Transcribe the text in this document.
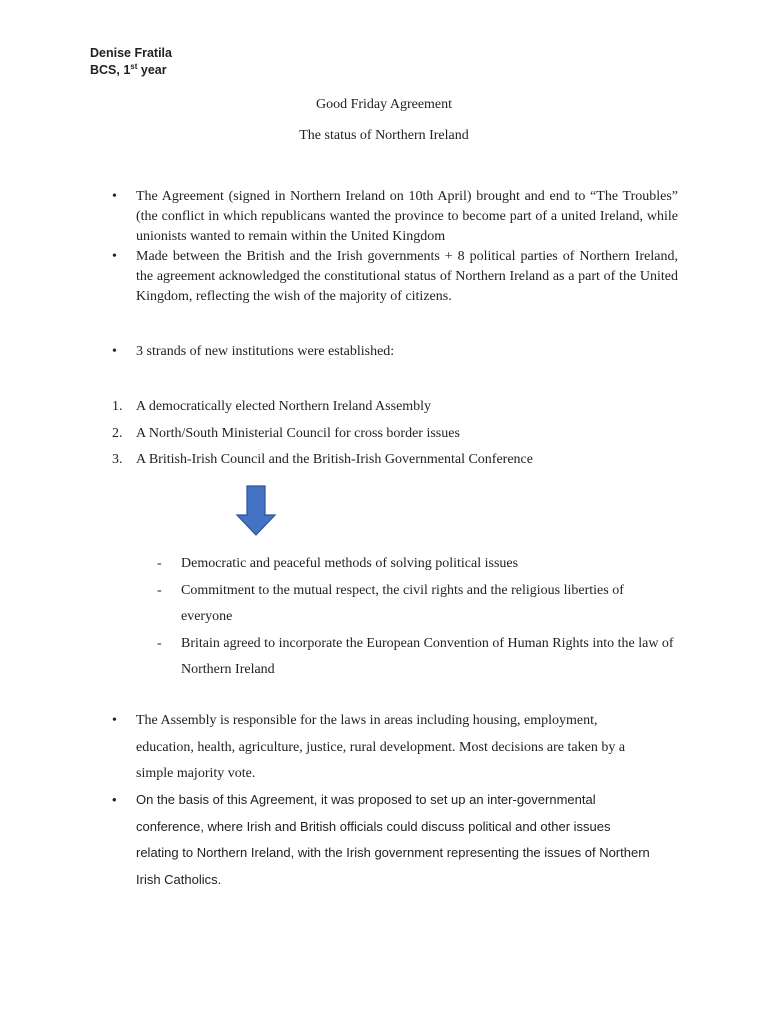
Denise Fratila
BCS, 1st year
Good Friday Agreement
The status of Northern Ireland
•	The Agreement (signed in Northern Ireland on 10th April) brought and end to “The Troubles” (the conflict in which republicans wanted the province to become part of a united Ireland, while unionists wanted to remain within the United Kingdom
•	Made between the British and the Irish governments + 8 political parties of Northern Ireland, the agreement acknowledged the constitutional status of Northern Ireland as a part of the United Kingdom, reflecting the wish of the majority of citizens.
•	3 strands of new institutions were established:
1. A democratically elected Northern Ireland Assembly
2. A North/South Ministerial Council for cross border issues
3. A British-Irish Council and the British-Irish Governmental Conference
- Democratic and peaceful methods of solving political issues
- Commitment to the mutual respect, the civil rights and the religious liberties of everyone
- Britain agreed to incorporate the European Convention of Human Rights into the law of Northern Ireland
•	The Assembly is responsible for the laws in areas including housing, employment, education, health, agriculture, justice, rural development. Most decisions are taken by a simple majority vote.
•	On the basis of this Agreement, it was proposed to set up an inter-governmental conference, where Irish and British officials could discuss political and other issues relating to Northern Ireland, with the Irish government representing the issues of Northern Irish Catholics.
